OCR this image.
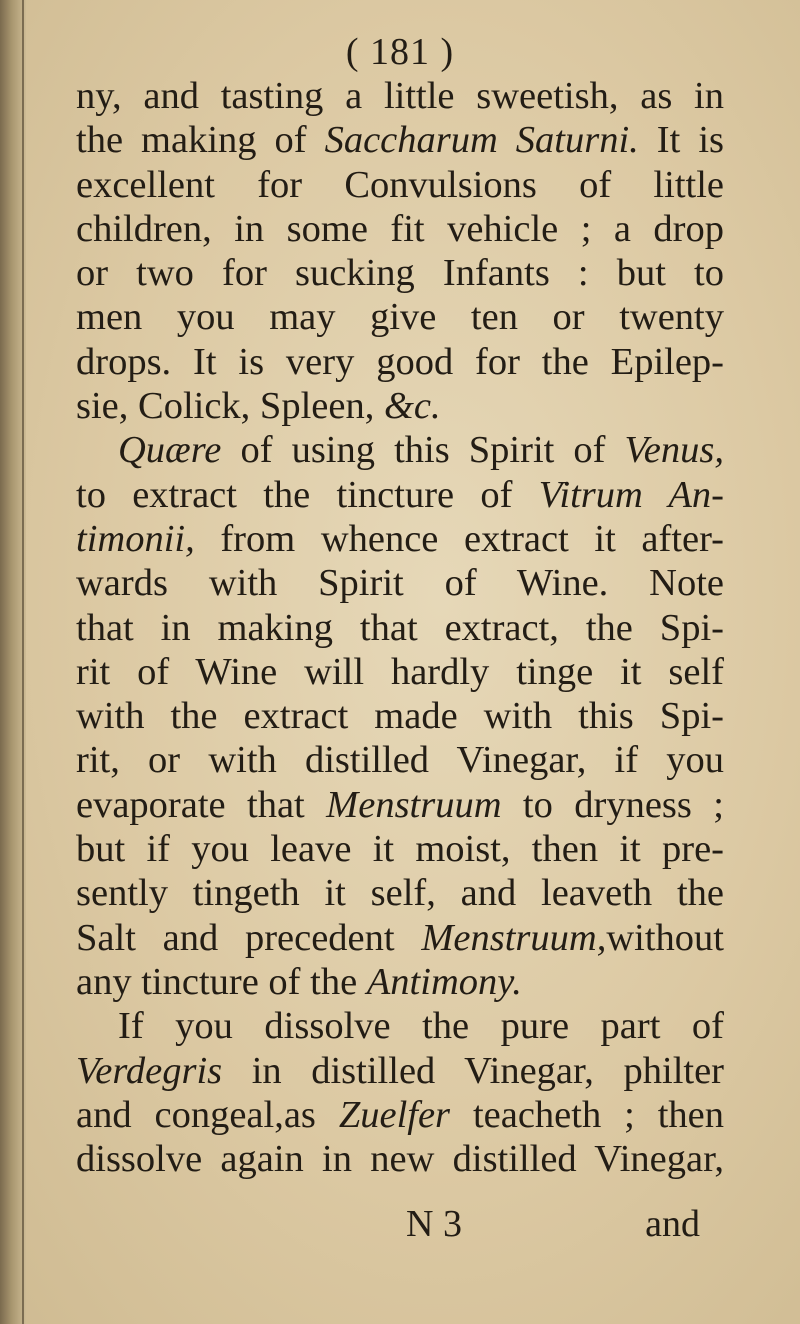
( 181 )
ny, and tasting a little sweetish, as in
the making of Saccharum Saturni. It is
excellent for Convulsions of little
children, in some fit vehicle ; a drop
or two for sucking Infants : but to
men you may give ten or twenty
drops. It is very good for the Epilep-
sie, Colick, Spleen, &c.
Quære of using this Spirit of Venus,
to extract the tincture of Vitrum An-
timonii, from whence extract it after-
wards with Spirit of Wine. Note
that in making that extract, the Spi-
rit of Wine will hardly tinge it self
with the extract made with this Spi-
rit, or with distilled Vinegar, if you
evaporate that Menstruum to dryness ;
but if you leave it moist, then it pre-
sently tingeth it self, and leaveth the
Salt and precedent Menstruum,without
any tincture of the Antimony.
If you dissolve the pure part of
Verdegris in distilled Vinegar, philter
and congeal,as Zuelfer teacheth ; then
dissolve again in new distilled Vinegar,
N 3	and
